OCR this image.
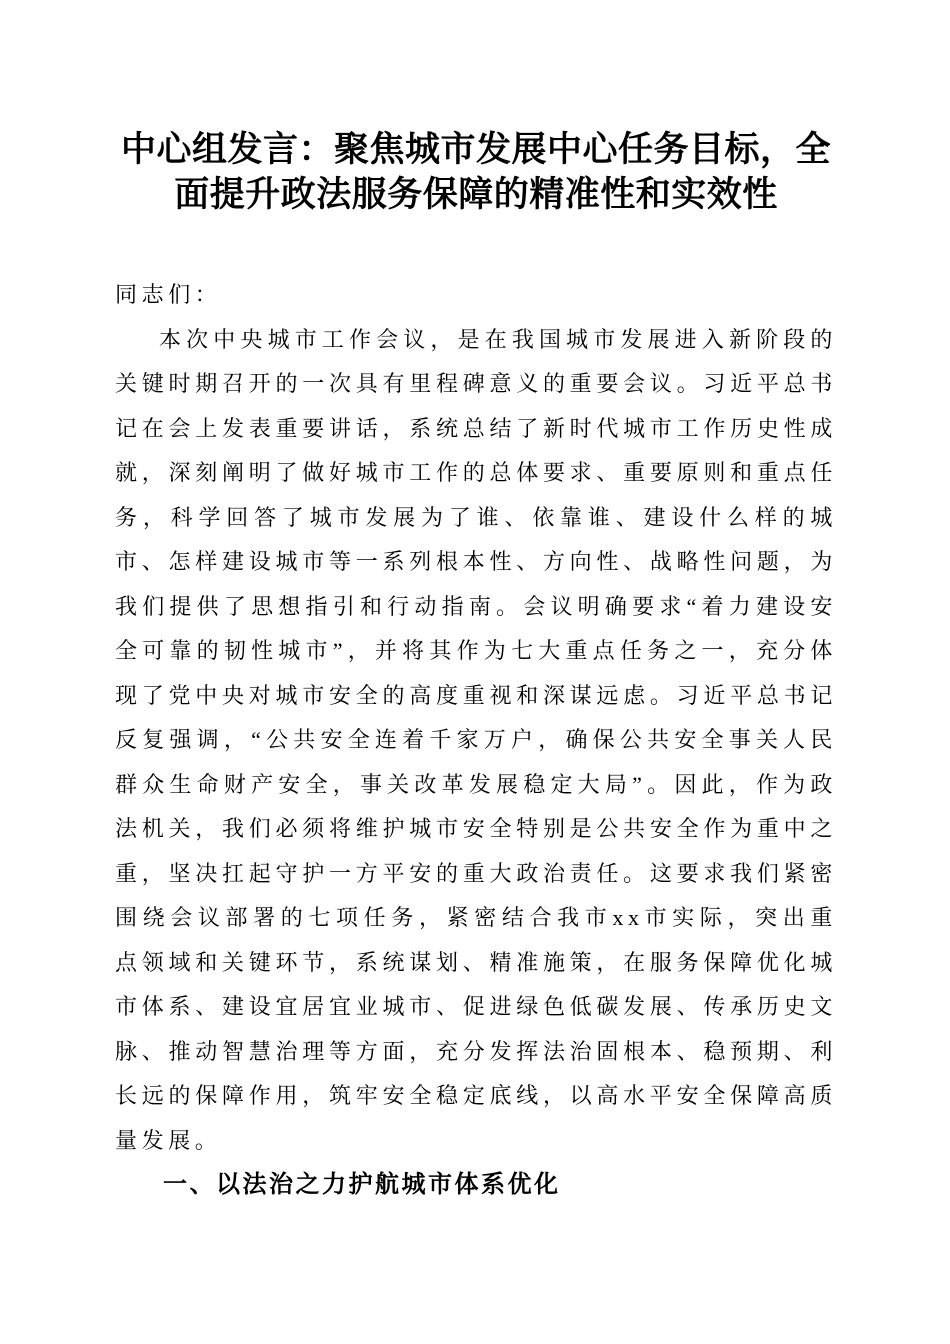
中心组发言：聚焦城市发展中心任务目标，全面提升政法服务保障的精准性和实效性

同志们：

本次中央城市工作会议，是在我国城市发展进入新阶段的关键时期召开的一次具有里程碑意义的重要会议。习近平总书记在会上发表重要讲话，系统总结了新时代城市工作历史性成就，深刻阐明了做好城市工作的总体要求、重要原则和重点任务，科学回答了城市发展为了谁、依靠谁、建设什么样的城市、怎样建设城市等一系列根本性、方向性、战略性问题，为我们提供了思想指引和行动指南。会议明确要求“着力建设安全可靠的韧性城市”，并将其作为七大重点任务之一，充分体现了党中央对城市安全的高度重视和深谋远虑。习近平总书记反复强调，“公共安全连着千家万户，确保公共安全事关人民群众生命财产安全，事关改革发展稳定大局”。因此，作为政法机关，我们必须将维护城市安全特别是公共安全作为重中之重，坚决扛起守护一方平安的重大政治责任。这要求我们紧密围绕会议部署的七项任务，紧密结合我市xx市实际，突出重点领域和关键环节，系统谋划、精准施策，在服务保障优化城市体系、建设宜居宜业城市、促进绿色低碳发展、传承历史文脉、推动智慧治理等方面，充分发挥法治固根本、稳预期、利长远的保障作用，筑牢安全稳定底线，以高水平安全保障高质量发展。

一、以法治之力护航城市体系优化
